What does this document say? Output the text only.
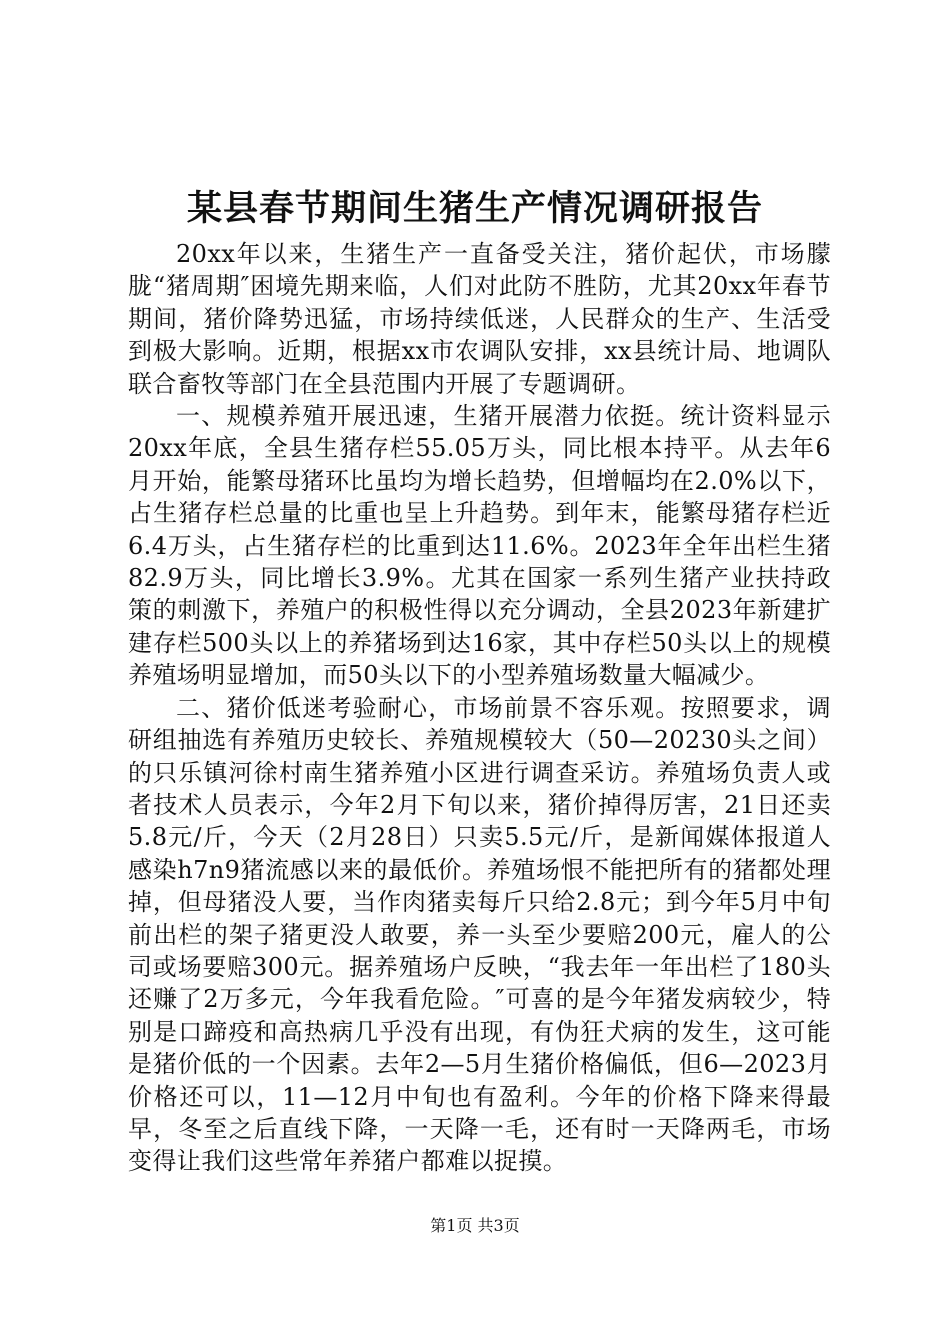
某县春节期间生猪生产情况调研报告

20xx年以来，生猪生产一直备受关注，猪价起伏，市场朦胧“猪周期″困境先期来临，人们对此防不胜防，尤其20xx年春节期间，猪价降势迅猛，市场持续低迷，人民群众的生产、生活受到极大影响。近期，根据xx市农调队安排，xx县统计局、地调队联合畜牧等部门在全县范围内开展了专题调研。

一、规模养殖开展迅速，生猪开展潜力依挺。统计资料显示20xx年底，全县生猪存栏55.05万头，同比根本持平。从去年6月开始，能繁母猪环比虽均为增长趋势，但增幅均在2.0%以下，占生猪存栏总量的比重也呈上升趋势。到年末，能繁母猪存栏近6.4万头，占生猪存栏的比重到达11.6%。2023年全年出栏生猪82.9万头，同比增长3.9%。尤其在国家一系列生猪产业扶持政策的刺激下，养殖户的积极性得以充分调动，全县2023年新建扩建存栏500头以上的养猪场到达16家，其中存栏50头以上的规模养殖场明显增加，而50头以下的小型养殖场数量大幅减少。

二、猪价低迷考验耐心，市场前景不容乐观。按照要求，调研组抽选有养殖历史较长、养殖规模较大（50—20230头之间）的只乐镇河徐村南生猪养殖小区进行调查采访。养殖场负责人或者技术人员表示，今年2月下旬以来，猪价掉得厉害，21日还卖5.8元/斤，今天（2月28日）只卖5.5元/斤，是新闻媒体报道人感染h7n9猪流感以来的最低价。养殖场恨不能把所有的猪都处理掉，但母猪没人要，当作肉猪卖每斤只给2.8元；到今年5月中旬前出栏的架子猪更没人敢要，养一头至少要赔200元，雇人的公司或场要赔300元。据养殖场户反映，“我去年一年出栏了180头还赚了2万多元，今年我看危险。″可喜的是今年猪发病较少，特别是口蹄疫和高热病几乎没有出现，有伪狂犬病的发生，这可能是猪价低的一个因素。去年2—5月生猪价格偏低，但6—2023月价格还可以，11—12月中旬也有盈利。今年的价格下降来得最早，冬至之后直线下降，一天降一毛，还有时一天降两毛，市场变得让我们这些常年养猪户都难以捉摸。

第1页 共3页
